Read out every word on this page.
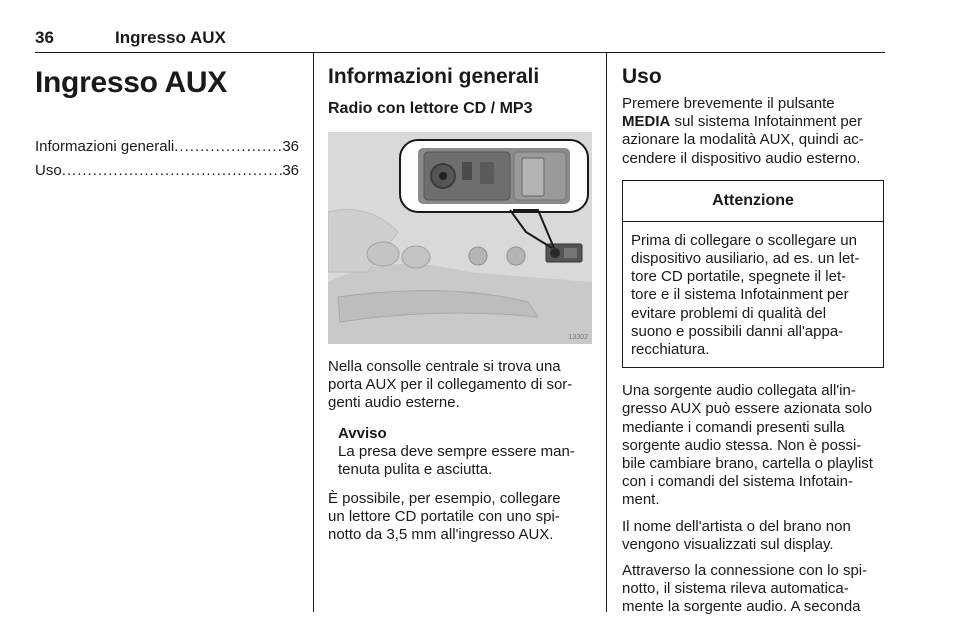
36	Ingresso AUX
Ingresso AUX
Informazioni generali .....	36
Uso .....	36
Informazioni generali
Radio con lettore CD / MP3
13302

Nella consolle centrale si trova una
porta AUX per il collegamento di sor-
genti audio esterne.

Avviso

La presa deve sempre essere man-
tenuta pulita e asciutta.

È possibile, per esempio, collegare
un lettore CD portatile con uno spi-
notto da 3,5 mm all'ingresso AUX.

Uso

Premere brevemente il pulsante
MEDIA sul sistema Infotainment per
azionare la modalità AUX, quindi ac-
cendere il dispositivo audio esterno.

Attenzione

Prima di collegare o scollegare un
dispositivo ausiliario, ad es. un let-
tore CD portatile, spegnete il let-
tore e il sistema Infotainment per
evitare problemi di qualità del
suono e possibili danni all'appa-
recchiatura.

Una sorgente audio collegata all'in-
gresso AUX può essere azionata solo
mediante i comandi presenti sulla
sorgente audio stessa. Non è possi-
bile cambiare brano, cartella o playlist
con i comandi del sistema Infotain-
ment.

Il nome dell'artista o del brano non
vengono visualizzati sul display.

Attraverso la connessione con lo spi-
notto, il sistema rileva automatica-
mente la sorgente audio. A seconda
